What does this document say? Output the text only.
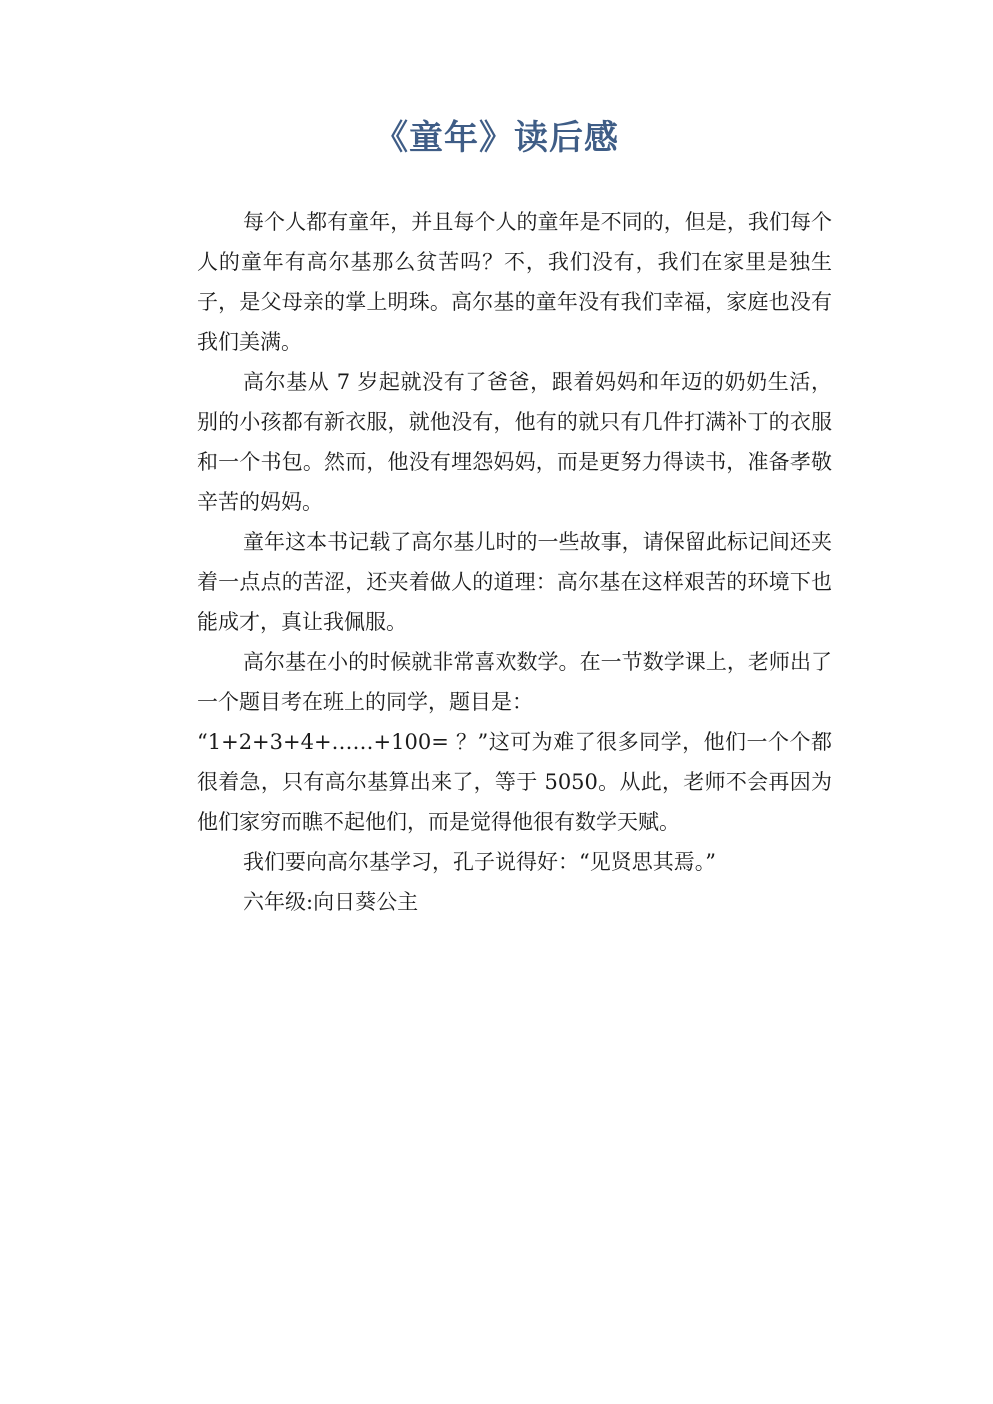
《童年》读后感

每个人都有童年，并且每个人的童年是不同的，但是，我们每个人的童年有高尔基那么贫苦吗？不，我们没有，我们在家里是独生子，是父母亲的掌上明珠。高尔基的童年没有我们幸福，家庭也没有我们美满。

高尔基从 7 岁起就没有了爸爸，跟着妈妈和年迈的奶奶生活，别的小孩都有新衣服，就他没有，他有的就只有几件打满补丁的衣服和一个书包。然而，他没有埋怨妈妈，而是更努力得读书，准备孝敬辛苦的妈妈。

童年这本书记载了高尔基儿时的一些故事，请保留此标记间还夹着一点点的苦涩，还夹着做人的道理：高尔基在这样艰苦的环境下也能成才，真让我佩服。

高尔基在小的时候就非常喜欢数学。在一节数学课上，老师出了一个题目考在班上的同学，题目是：

“1+2+3+4+……+100= ？”这可为难了很多同学，他们一个个都很着急，只有高尔基算出来了，等于 5050。从此，老师不会再因为他们家穷而瞧不起他们，而是觉得他很有数学天赋。

我们要向高尔基学习，孔子说得好：“见贤思其焉。”

六年级:向日葵公主
